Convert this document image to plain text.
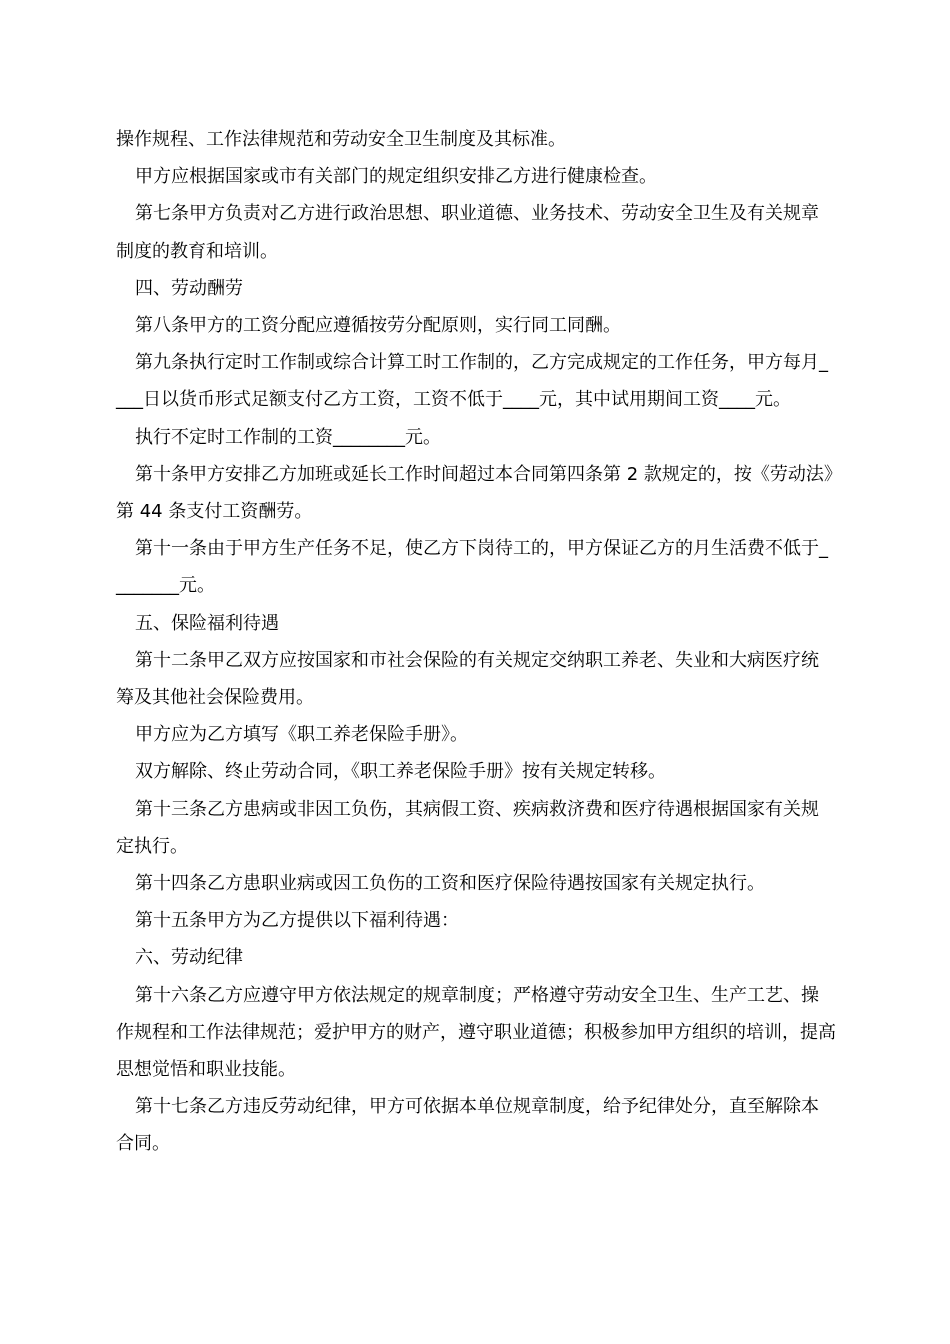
操作规程、工作法律规范和劳动安全卫生制度及其标准。

甲方应根据国家或市有关部门的规定组织安排乙方进行健康检查。

第七条甲方负责对乙方进行政治思想、职业道德、业务技术、劳动安全卫生及有关规章制度的教育和培训。

四、劳动酬劳

第八条甲方的工资分配应遵循按劳分配原则，实行同工同酬。

第九条执行定时工作制或综合计算工时工作制的，乙方完成规定的工作任务，甲方每月____日以货币形式足额支付乙方工资，工资不低于____元，其中试用期间工资____元。

执行不定时工作制的工资________元。

第十条甲方安排乙方加班或延长工作时间超过本合同第四条第 2 款规定的，按《劳动法》第 44 条支付工资酬劳。

第十一条由于甲方生产任务不足，使乙方下岗待工的，甲方保证乙方的月生活费不低于________元。

五、保险福利待遇

第十二条甲乙双方应按国家和市社会保险的有关规定交纳职工养老、失业和大病医疗统筹及其他社会保险费用。

甲方应为乙方填写《职工养老保险手册》。

双方解除、终止劳动合同，《职工养老保险手册》按有关规定转移。

第十三条乙方患病或非因工负伤，其病假工资、疾病救济费和医疗待遇根据国家有关规定执行。

第十四条乙方患职业病或因工负伤的工资和医疗保险待遇按国家有关规定执行。

第十五条甲方为乙方提供以下福利待遇：

六、劳动纪律

第十六条乙方应遵守甲方依法规定的规章制度；严格遵守劳动安全卫生、生产工艺、操作规程和工作法律规范；爱护甲方的财产，遵守职业道德；积极参加甲方组织的培训，提高思想觉悟和职业技能。

第十七条乙方违反劳动纪律，甲方可依据本单位规章制度，给予纪律处分，直至解除本合同。
